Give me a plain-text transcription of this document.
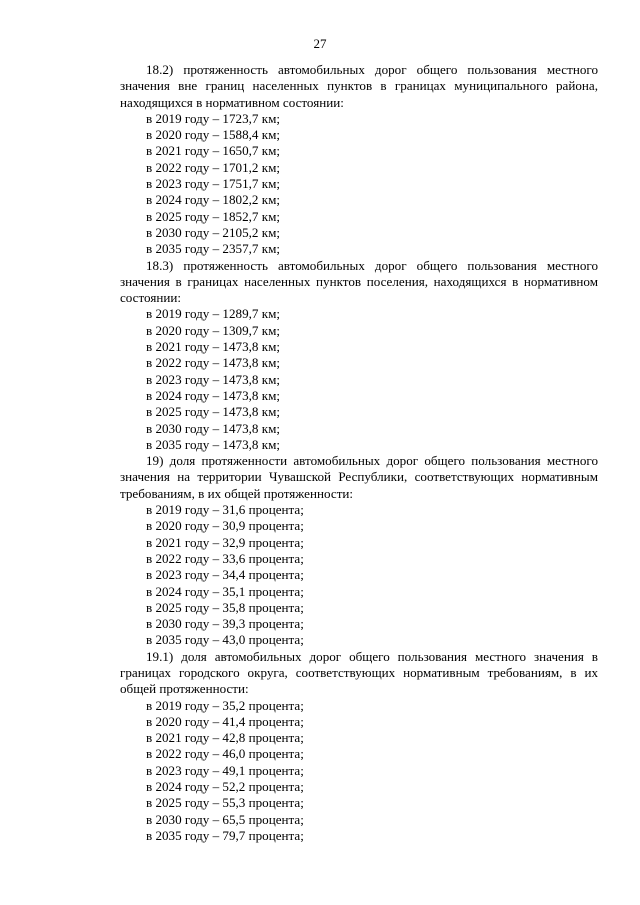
27

18.2) протяженность автомобильных дорог общего пользования местного значения вне границ населенных пунктов в границах муниципального района, находящихся в нормативном состоянии:

в 2019 году – 1723,7 км;

в 2020 году – 1588,4 км;

в 2021 году – 1650,7 км;

в 2022 году – 1701,2 км;

в 2023 году – 1751,7 км;

в 2024 году – 1802,2 км;

в 2025 году – 1852,7 км;

в 2030 году – 2105,2 км;

в 2035 году – 2357,7 км;

18.3) протяженность автомобильных дорог общего пользования местного значения в границах населенных пунктов поселения, находящихся в нормативном состоянии:

в 2019 году – 1289,7 км;

в 2020 году – 1309,7 км;

в 2021 году – 1473,8 км;

в 2022 году – 1473,8 км;

в 2023 году – 1473,8 км;

в 2024 году – 1473,8 км;

в 2025 году – 1473,8 км;

в 2030 году – 1473,8 км;

в 2035 году – 1473,8 км;

19) доля протяженности автомобильных дорог общего пользования местного значения на территории Чувашской Республики, соответствующих нормативным требованиям, в их общей протяженности:

в 2019 году – 31,6 процента;

в 2020 году – 30,9 процента;

в 2021 году – 32,9 процента;

в 2022 году – 33,6 процента;

в 2023 году – 34,4 процента;

в 2024 году – 35,1 процента;

в 2025 году – 35,8 процента;

в 2030 году – 39,3 процента;

в 2035 году – 43,0 процента;

19.1) доля автомобильных дорог общего пользования местного значения в границах городского округа, соответствующих нормативным требованиям, в их общей протяженности:

в 2019 году – 35,2 процента;

в 2020 году – 41,4 процента;

в 2021 году – 42,8 процента;

в 2022 году – 46,0 процента;

в 2023 году – 49,1 процента;

в 2024 году – 52,2 процента;

в 2025 году – 55,3 процента;

в 2030 году – 65,5 процента;

в 2035 году – 79,7 процента;
